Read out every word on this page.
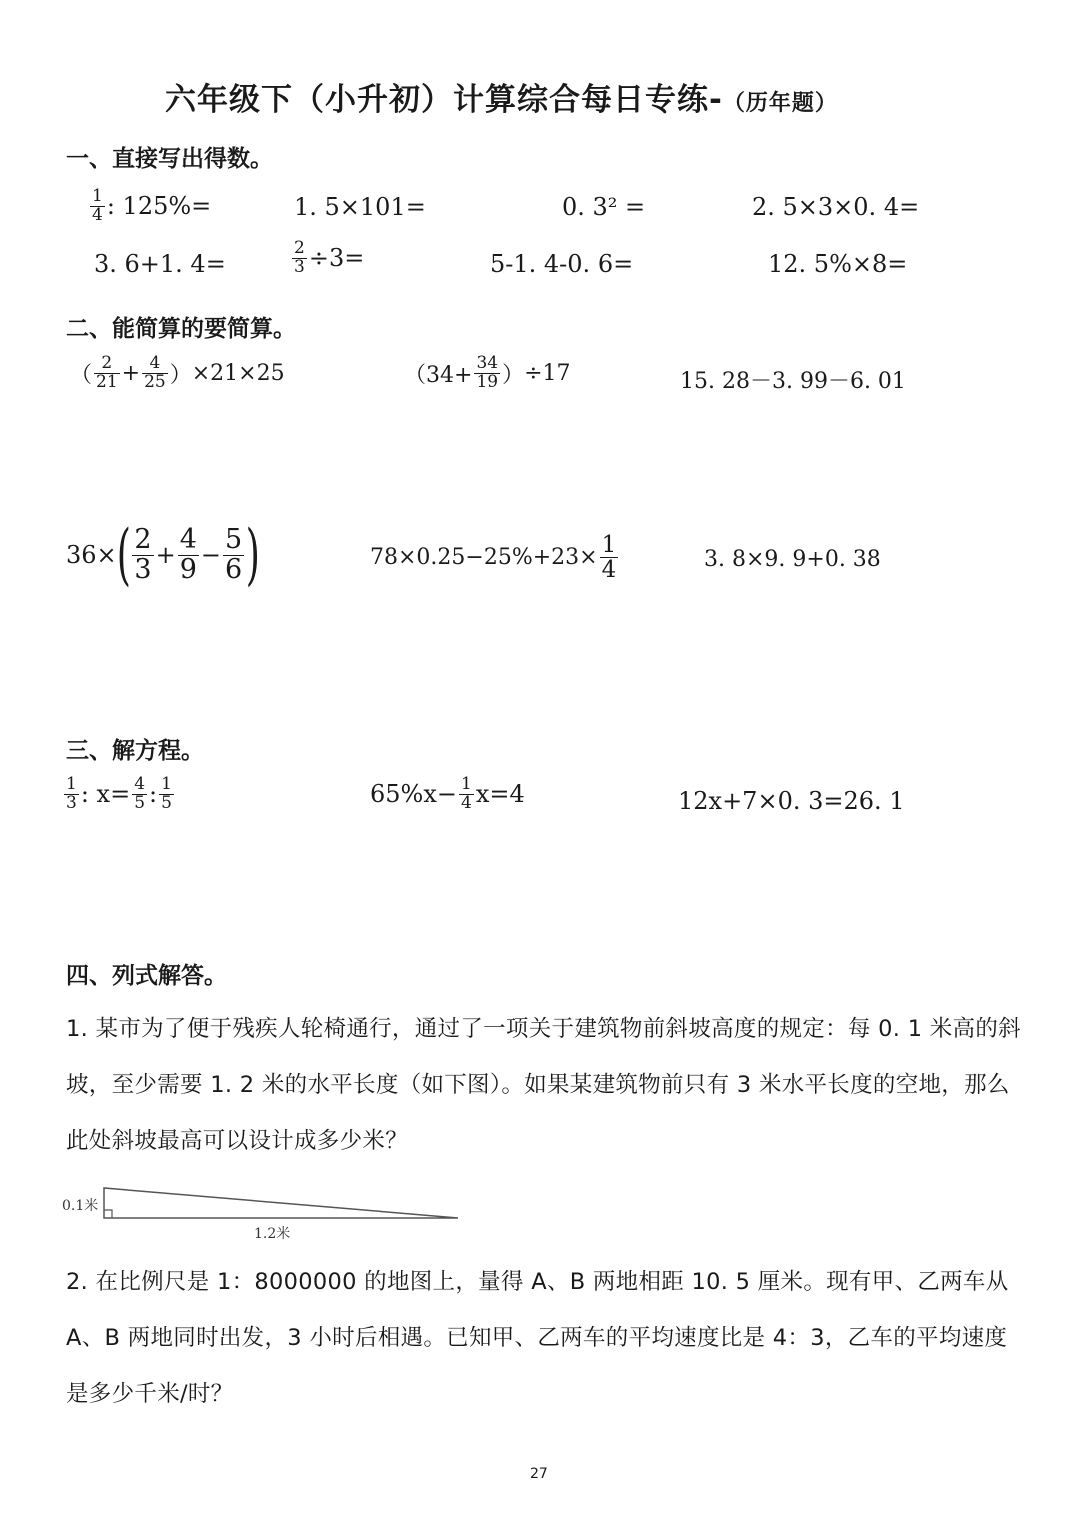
六年级下（小升初）计算综合每日专练-（历年题）
一、直接写出得数。
$\frac{1}{4}$ : 125%=	1. 5×101=	0. 3² =	2. 5×3×0. 4=
3. 6+1. 4=	$\frac{2}{3} \div 3=$	5-1. 4-0. 6=	12. 5%×8=
二、能简算的要简算。
（ $\frac{2}{21} + \frac{4}{25}$ ） ×21×25	（$34+ \frac{34}{19}$ ） ÷17	15. 28－3. 99－6. 01
36× ( $\frac{2}{3} + \frac{4}{9} - \frac{5}{6}$ )	$78\times 0.25-25\%+23\times \frac{1}{4}$	3. 8×9. 9+0. 38
三、解方程。
$\frac{1}{3}$ : $x= \frac{4}{5}$ : $\frac{1}{5}$	$65\%x - \frac{1}{4} x=4$	12x+7×0. 3=26. 1
四、列式解答。
1. 某市为了便于残疾人轮椅通行，通过了一项关于建筑物前斜坡高度的规定：每 0. 1 米高的斜坡，至少需要 1. 2 米的水平长度（如下图）。如果某建筑物前只有 3 米水平长度的空地，那么此处斜坡最高可以设计成多少米？
0.1米
1.2米
2. 在比例尺是 1：8000000 的地图上，量得 A、B 两地相距 10. 5 厘米。现有甲、乙两车从 A、B 两地同时出发，3 小时后相遇。已知甲、乙两车的平均速度比是 4：3，乙车的平均速度是多少千米/时？
27
